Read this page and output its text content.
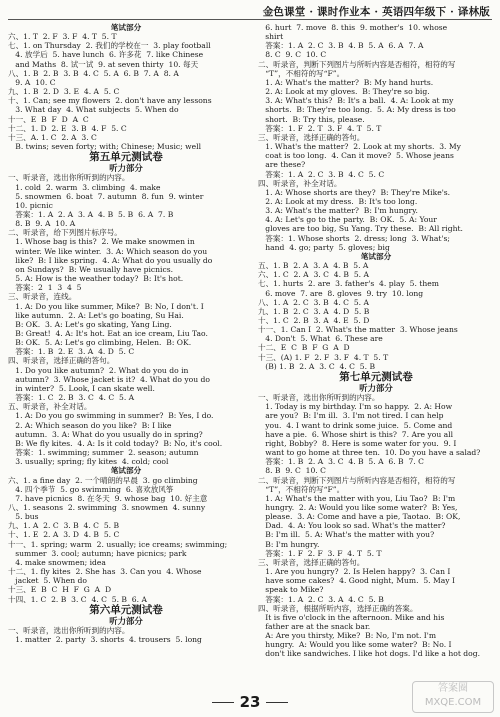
金色课堂 · 课时作业本 · 英语四年级下 · 译林版
笔试部分
六、1. T  2. F  3. F  4. T  5. T
七、1. on Thursday  2. 我们的学校在一  3. play football
4. 放学后  5. have lunch  6. 许多花  7. like Chinese
and Maths  8. 试一试  9. at seven thirty  10. 每天
八、1. B  2. B  3. B  4. C  5. A  6. B  7. A  8. A
9. A  10. C
九、1. B  2. D  3. E  4. A  5. C
十、1. Can; see my flowers  2. don't have any lessons
3. What day  4. What subjects  5. When do
十一、E  B  F  D  A  C
十二、1. D  2. E  3. B  4. F  5. C
十三、A. 1. C  2. A  3. C
B. twins; seven forty; with; Chinese; Music; well
第五单元测试卷
听力部分
一、听录音，选出你所听到的内容。
1. cold  2. warm  3. climbing  4. make
5. snowmen  6. boat  7. autumn  8. fun  9. winter
10. picnic
答案：1. A  2. A  3. A  4. B  5. B  6. A  7. B
8. B  9. A  10. A
二、听录音，给下列图片标序号。
1. Whose bag is this?  2. We make snowmen in
winter. We like winter.  3. A: Which season do you
like?  B: I like spring.  4. A: What do you usually do
on Sundays?  B: We usually have picnics.
5. A: How is the weather today?  B: It's hot.
答案：2  1  3  4  5
三、听录音，连线。
1. A: Do you like summer, Mike?  B: No, I don't. I
like autumn.  2. A: Let's go boating, Su Hai.
B: OK.  3. A: Let's go skating, Yang Ling.
B: Great!  4. A: It's hot. Eat an ice cream, Liu Tao.
B: OK.  5. A: Let's go climbing, Helen.  B: OK.
答案：1. B  2. E  3. A  4. D  5. C
四、听录音，选择正确的答句。
1. Do you like autumn?  2. What do you do in
autumn?  3. Whose jacket is it?  4. What do you do
in winter?  5. Look, I can skate well.
答案：1. C  2. B  3. C  4. C  5. A
五、听录音，补全对话。
1. A: Do you go swimming in summer?  B: Yes, I do.
2. A: Which season do you like?  B: I like
autumn.  3. A: What do you usually do in spring?
B: We fly kites.  4. A: Is it cold today?  B: No, it's cool.
答案：1. swimming; summer  2. season; autumn
3. usually; spring; fly kites  4. cold; cool
笔试部分
六、1. a fine day  2. 一个晴朗的早晨  3. go climbing
4. 四个季节  5. go swimming  6. 喜欢放风筝
7. have picnics  8. 在冬天  9. whose bag  10. 好主意
八、1. seasons  2. swimming  3. snowmen  4. sunny
5. bus
九、1. A  2. C  3. B  4. C  5. B
十、1. E  2. A  3. D  4. B  5. C
十一、1. spring; warm  2. usually; ice creams; swimming;
summer  3. cool; autumn; have picnics; park
4. make snowmen; idea
十二、1. fly kites  2. She has  3. Can you  4. Whose
jacket  5. When do
十三、E  B  C  H  F  G  A  D
十四、1. C  2. B  3. C  4. C  5. B  6. A
第六单元测试卷
听力部分
一、听录音，选出你所听到的内容。
1. matter  2. party  3. shorts  4. trousers  5. long
6. hurt  7. move  8. this  9. mother's  10. whose
shirt
答案：1. A  2. C  3. B  4. B  5. A  6. A  7. A
8. C  9. C  10. C
二、听录音，判断下列图片与所听内容是否相符，相符的写
“T”，不相符的写“F”。
1. A: What's the matter?  B: My hand hurts.
2. A: Look at my gloves.  B: They're so big.
3. A: What's this?  B: It's a ball.  4. A: Look at my
shorts.  B: They're too long.  5. A: My dress is too
short.  B: Try this, please.
答案：1. F  2. T  3. F  4. T  5. T
三、听录音，选择正确的答句。
1. What's the matter?  2. Look at my shorts.  3. My
coat is too long.  4. Can it move?  5. Whose jeans
are these?
答案：1. A  2. C  3. B  4. C  5. C
四、听录音，补全对话。
1. A: Whose shorts are they?  B: They're Mike's.
2. A: Look at my dress.  B: It's too long.
3. A: What's the matter?  B: I'm hungry.
4. A: Let's go to the party.  B: OK.  5. A: Your
gloves are too big, Su Yang. Try these.  B: All right.
答案：1. Whose shorts  2. dress; long  3. What's;
hand  4. go; party  5. gloves; big
笔试部分
五、1. B  2. A  3. A  4. B  5. A
六、1. C  2. A  3. C  4. B  5. A
七、1. hurts  2. are  3. father's  4. play  5. them
6. move  7. are  8. gloves  9. try  10. long
八、1. A  2. C  3. B  4. C  5. A
九、1. B  2. C  3. A  4. D  5. B
十、1. C  2. B  3. A  4. E  5. D
十一、1. Can I  2. What's the matter  3. Whose jeans
4. Don't  5. What  6. These are
十二、E  C  B  F  G  A  D
十三、(A) 1. F  2. F  3. F  4. T  5. T
(B) 1. B  2. A  3. C  4. C  5. B
第七单元测试卷
听力部分
一、听录音，选出你所听到的内容。
1. Today is my birthday. I'm so happy.  2. A: How
are you?  B: I'm ill.  3. I'm not tired. I can help
you.  4. I want to drink some juice.  5. Come and
have a pie.  6. Whose shirt is this?  7. Are you all
right, Bobby?  8. Here is some water for you.  9. I
want to go home at three ten.  10. Do you have a salad?
答案：1. B  2. A  3. C  4. B  5. A  6. B  7. C
8. B  9. C  10. C
二、听录音，判断下列图片与所听内容是否相符，相符的写
“T”，不相符的写“F”。
1. A: What's the matter with you, Liu Tao?  B: I'm
hungry.  2. A: Would you like some water?  B: Yes,
please.  3. A: Come and have a pie, Taotao.  B: OK,
Dad.  4. A: You look so sad. What's the matter?
B: I'm ill.  5. A: What's the matter with you?
B: I'm hungry.
答案：1. F  2. F  3. F  4. T  5. T
三、听录音，选择正确的答句。
1. Are you hungry?  2. Is Helen happy?  3. Can I
have some cakes?  4. Good night, Mum.  5. May I
speak to Mike?
答案：1. A  2. C  3. A  4. C  5. B
四、听录音，根据所听内容，选择正确的答案。
It is five o'clock in the afternoon. Mike and his
father are at the snack bar.
A: Are you thirsty, Mike?  B: No, I'm not. I'm
hungry.  A: Would you like some water?  B: No. I
don't like sandwiches. I like hot dogs. I'd like a hot dog.
23
答案圈
MXQE.COM
